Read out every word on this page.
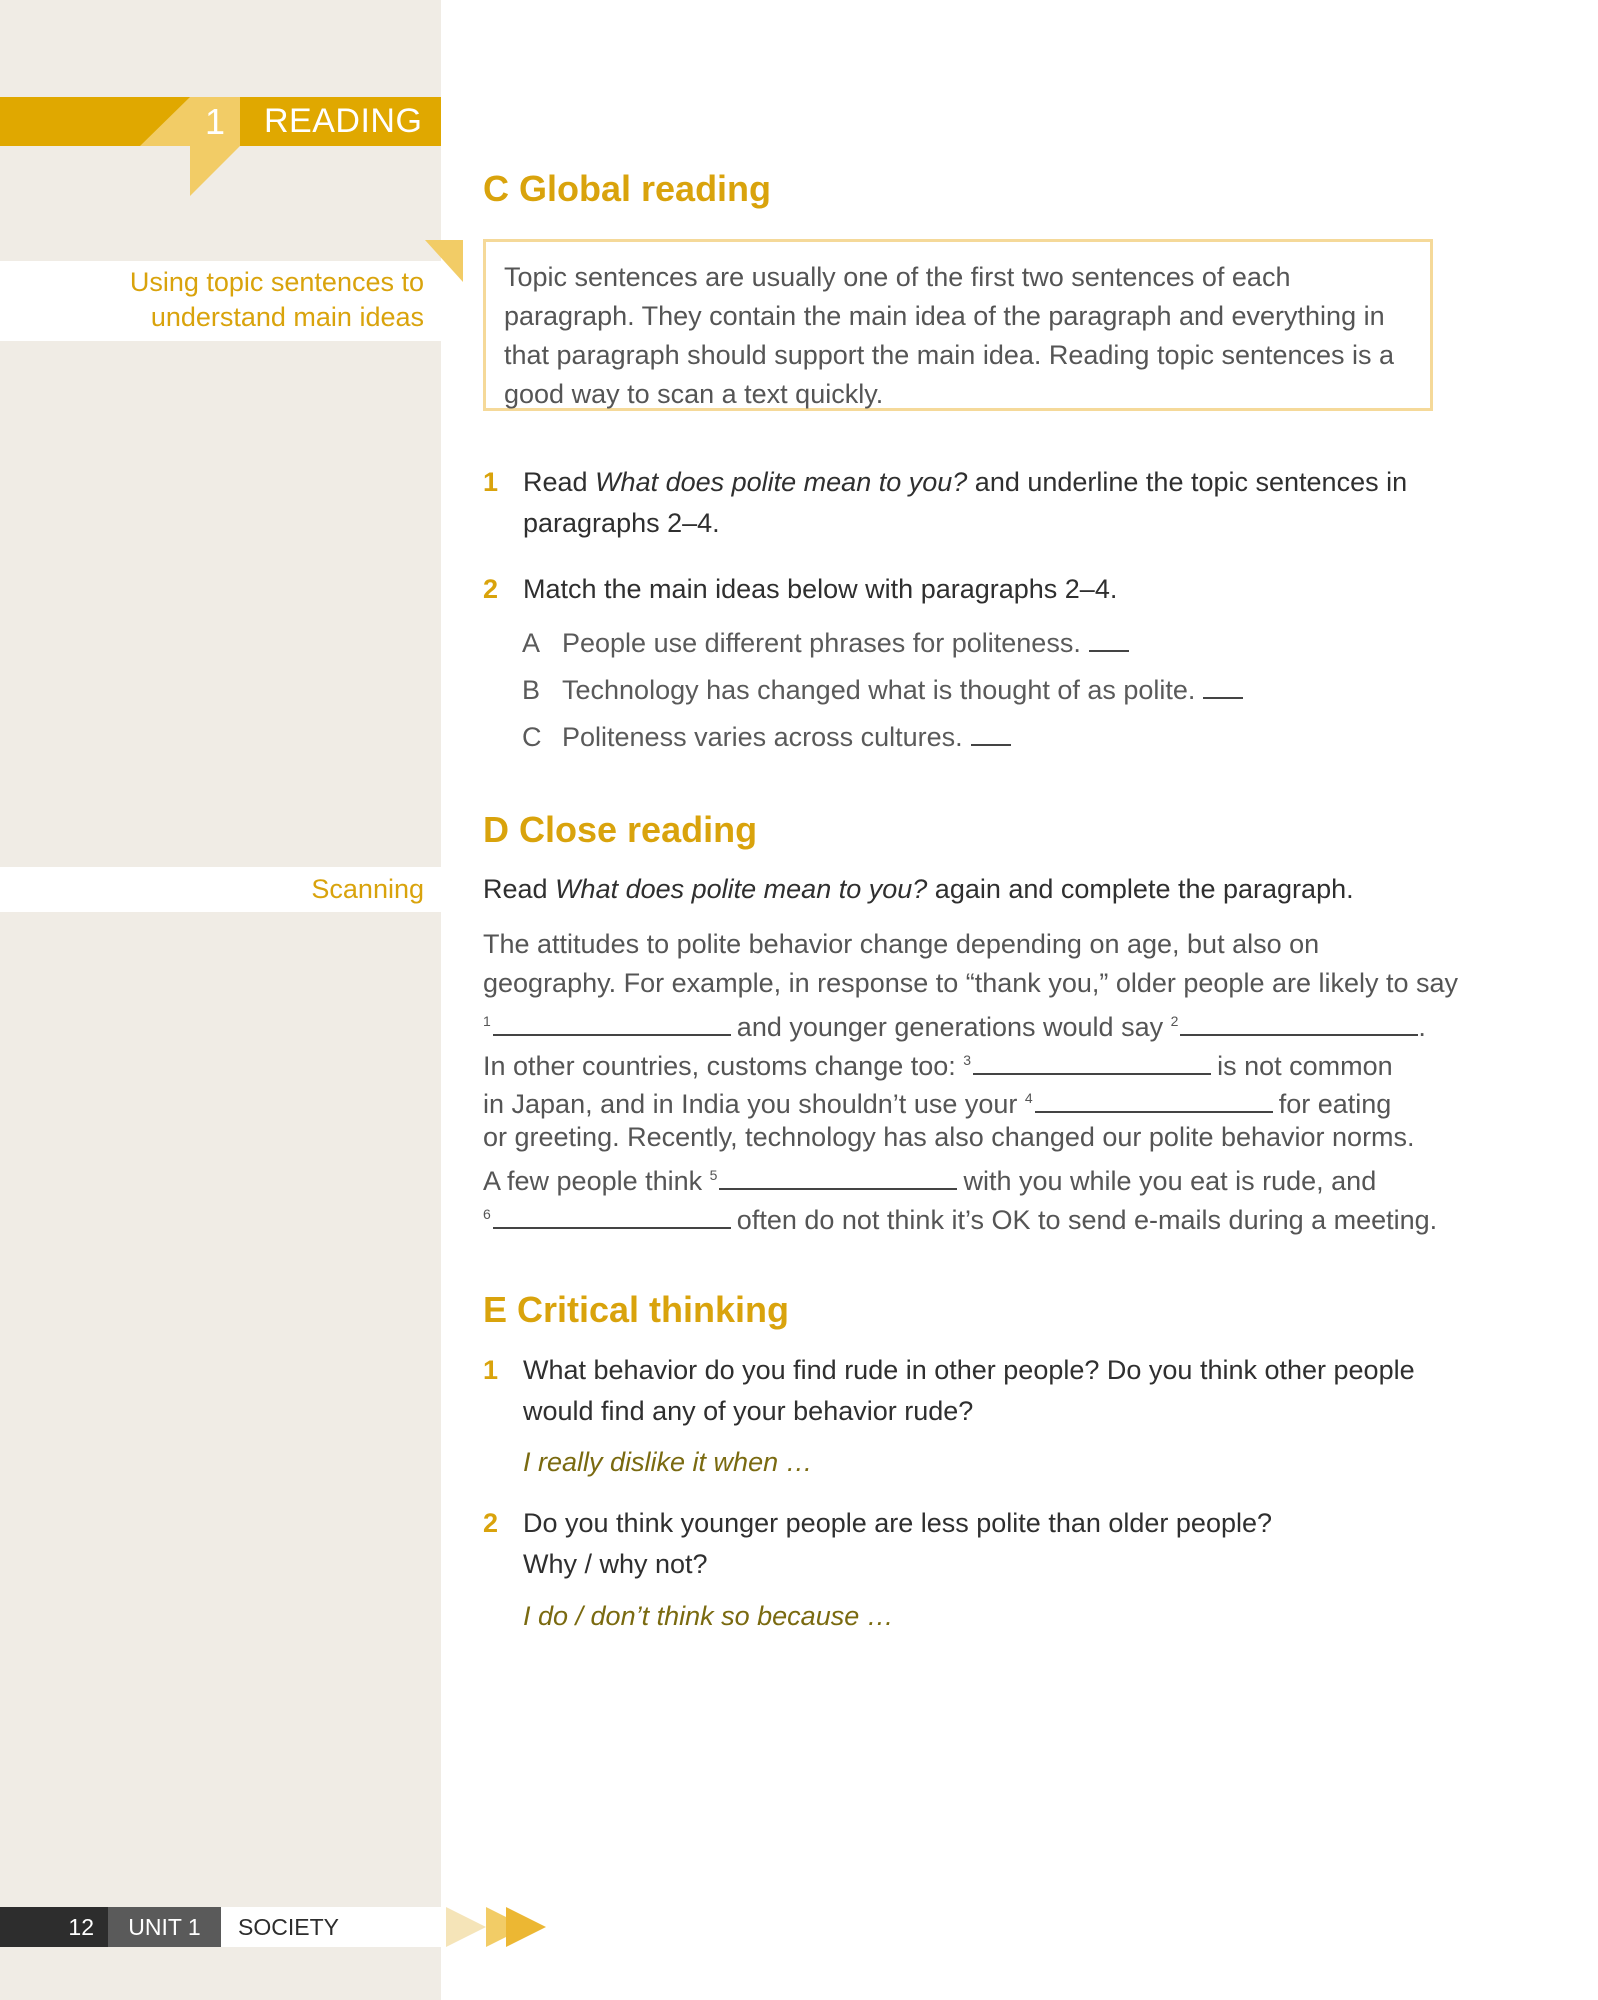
1	READING
Using topic sentences to
understand main ideas
Scanning
C Global reading
Topic sentences are usually one of the first two sentences of each
paragraph. They contain the main idea of the paragraph and everything in
that paragraph should support the main idea. Reading topic sentences is a
good way to scan a text quickly.
1 Read What does polite mean to you? and underline the topic sentences in
paragraphs 2–4.
2 Match the main ideas below with paragraphs 2–4.
A People use different phrases for politeness.
B Technology has changed what is thought of as polite.
C Politeness varies across cultures.
D Close reading
Read What does polite mean to you? again and complete the paragraph.
The attitudes to polite behavior change depending on age, but also on
geography. For example, in response to “thank you,” older people are likely to say
$^1$	and younger generations would say $^2$	.
In other countries, customs change too: $^3$	is not common
in Japan, and in India you shouldn’t use your $^4$	for eating
or greeting. Recently, technology has also changed our polite behavior norms.
A few people think $^5$	with you while you eat is rude, and
$^6$	often do not think it’s OK to send e-mails during a meeting.
E Critical thinking
1 What behavior do you find rude in other people? Do you think other people
would find any of your behavior rude?
I really dislike it when …
2 Do you think younger people are less polite than older people?
Why / why not?
I do / don’t think so because …
12	UNIT 1	SOCIETY
